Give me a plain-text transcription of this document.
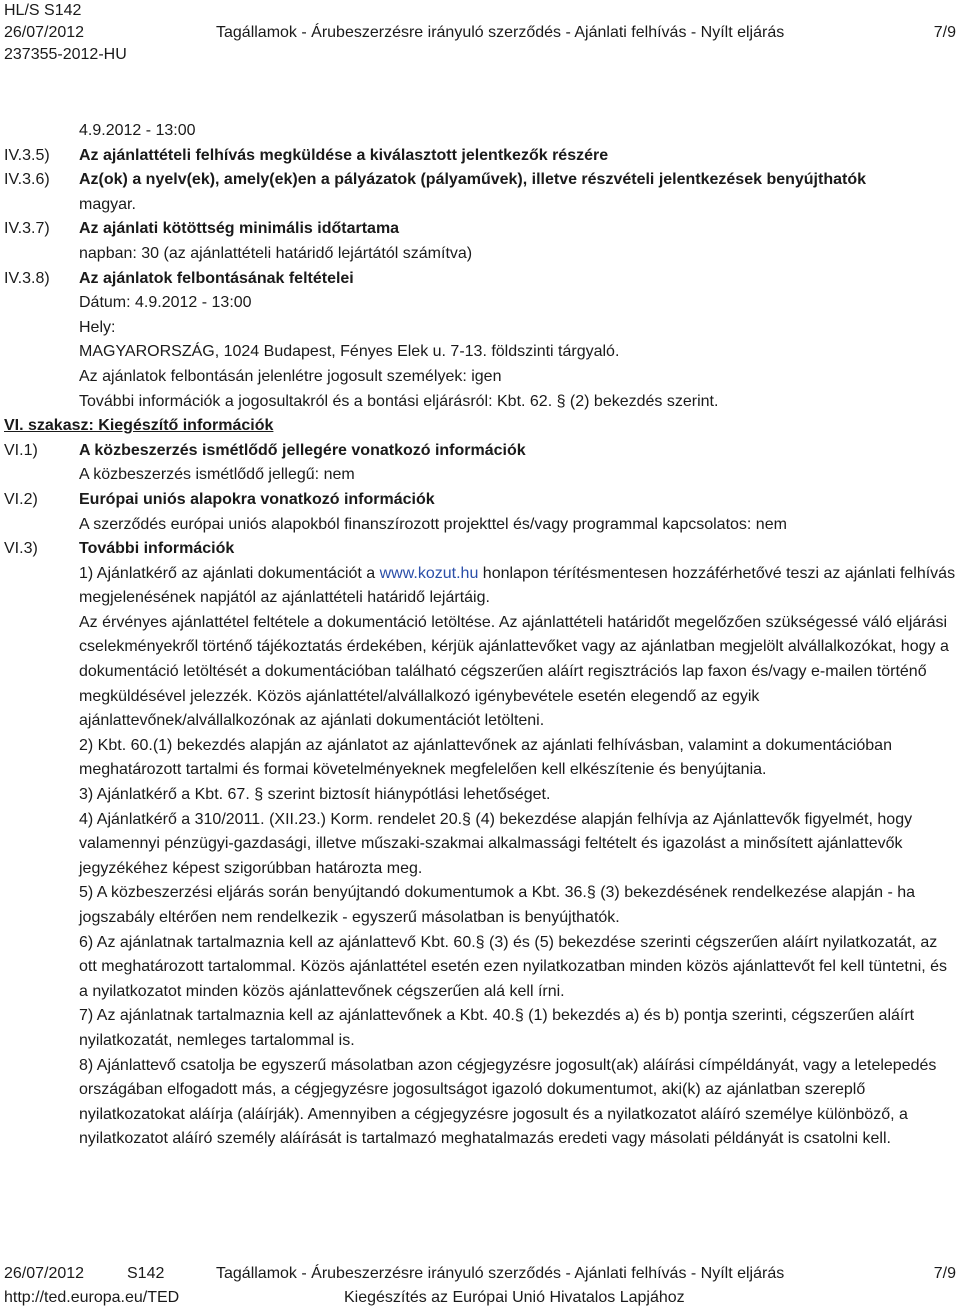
HL/S S142
26/07/2012	Tagállamok - Árubeszerzésre irányuló szerződés - Ajánlati felhívás - Nyílt eljárás	7/9
237355-2012-HU
4.9.2012 - 13:00
IV.3.5)	Az ajánlattételi felhívás megküldése a kiválasztott jelentkezők részére

IV.3.6)	Az(ok) a nyelv(ek), amely(ek)en a pályázatok (pályaművek), illetve részvételi jelentkezések benyújthatók

magyar.

IV.3.7)	Az ajánlati kötöttség minimális időtartama

napban: 30 (az ajánlattételi határidő lejártától számítva)

IV.3.8)	Az ajánlatok felbontásának feltételei

Dátum: 4.9.2012 - 13:00

Hely:

MAGYARORSZÁG, 1024 Budapest, Fényes Elek u. 7-13. földszinti tárgyaló.

Az ajánlatok felbontásán jelenlétre jogosult személyek: igen

További információk a jogosultakról és a bontási eljárásról: Kbt. 62. § (2) bekezdés szerint.

VI. szakasz: Kiegészítő információk

VI.1)	A közbeszerzés ismétlődő jellegére vonatkozó információk

A közbeszerzés ismétlődő jellegű: nem

VI.2)	Európai uniós alapokra vonatkozó információk

A szerződés európai uniós alapokból finanszírozott projekttel és/vagy programmal kapcsolatos: nem

VI.3)	További információk

1) Ajánlatkérő az ajánlati dokumentációt a www.kozut.hu honlapon térítésmentesen hozzáférhetővé teszi az ajánlati felhívás megjelenésének napjától az ajánlattételi határidő lejártáig.

Az érvényes ajánlattétel feltétele a dokumentáció letöltése. Az ajánlattételi határidőt megelőzően szükségessé váló eljárási cselekményekről történő tájékoztatás érdekében, kérjük ajánlattevőket vagy az ajánlatban megjelölt alvállalkozókat, hogy a dokumentáció letöltését a dokumentációban található cégszerűen aláírt regisztrációs lap faxon és/vagy e-mailen történő megküldésével jelezzék. Közös ajánlattétel/alvállalkozó igénybevétele esetén elegendő az egyik ajánlattevőnek/alvállalkozónak az ajánlati dokumentációt letölteni.

2) Kbt. 60.(1) bekezdés alapján az ajánlatot az ajánlattevőnek az ajánlati felhívásban, valamint a dokumentációban meghatározott tartalmi és formai követelményeknek megfelelően kell elkészítenie és benyújtania.

3) Ajánlatkérő a Kbt. 67. § szerint biztosít hiánypótlási lehetőséget.

4) Ajánlatkérő a 310/2011. (XII.23.) Korm. rendelet 20.§ (4) bekezdése alapján felhívja az Ajánlattevők figyelmét, hogy valamennyi pénzügyi-gazdasági, illetve műszaki-szakmai alkalmassági feltételt és igazolást a minősített ajánlattevők jegyzékéhez képest szigorúbban határozta meg.

5) A közbeszerzési eljárás során benyújtandó dokumentumok a Kbt. 36.§ (3) bekezdésének rendelkezése alapján - ha jogszabály eltérően nem rendelkezik - egyszerű másolatban is benyújthatók.

6) Az ajánlatnak tartalmaznia kell az ajánlattevő Kbt. 60.§ (3) és (5) bekezdése szerinti cégszerűen aláírt nyilatkozatát, az ott meghatározott tartalommal. Közös ajánlattétel esetén ezen nyilatkozatban minden közös ajánlattevőt fel kell tüntetni, és a nyilatkozatot minden közös ajánlattevőnek cégszerűen alá kell írni.

7) Az ajánlatnak tartalmaznia kell az ajánlattevőnek a Kbt. 40.§ (1) bekezdés a) és b) pontja szerinti, cégszerűen aláírt nyilatkozatát, nemleges tartalommal is.

8) Ajánlattevő csatolja be egyszerű másolatban azon cégjegyzésre jogosult(ak) aláírási címpéldányát, vagy a letelepedés országában elfogadott más, a cégjegyzésre jogosultságot igazoló dokumentumot, aki(k) az ajánlatban szereplő nyilatkozatokat aláírja (aláírják). Amennyiben a cégjegyzésre jogosult és a nyilatkozatot aláíró személye különböző, a nyilatkozatot aláíró személy aláírását is tartalmazó meghatalmazás eredeti vagy másolati példányát is csatolni kell.

26/07/2012	S142	Tagállamok - Árubeszerzésre irányuló szerződés - Ajánlati felhívás - Nyílt eljárás	7/9
http://ted.europa.eu/TED	Kiegészítés az Európai Unió Hivatalos Lapjához
